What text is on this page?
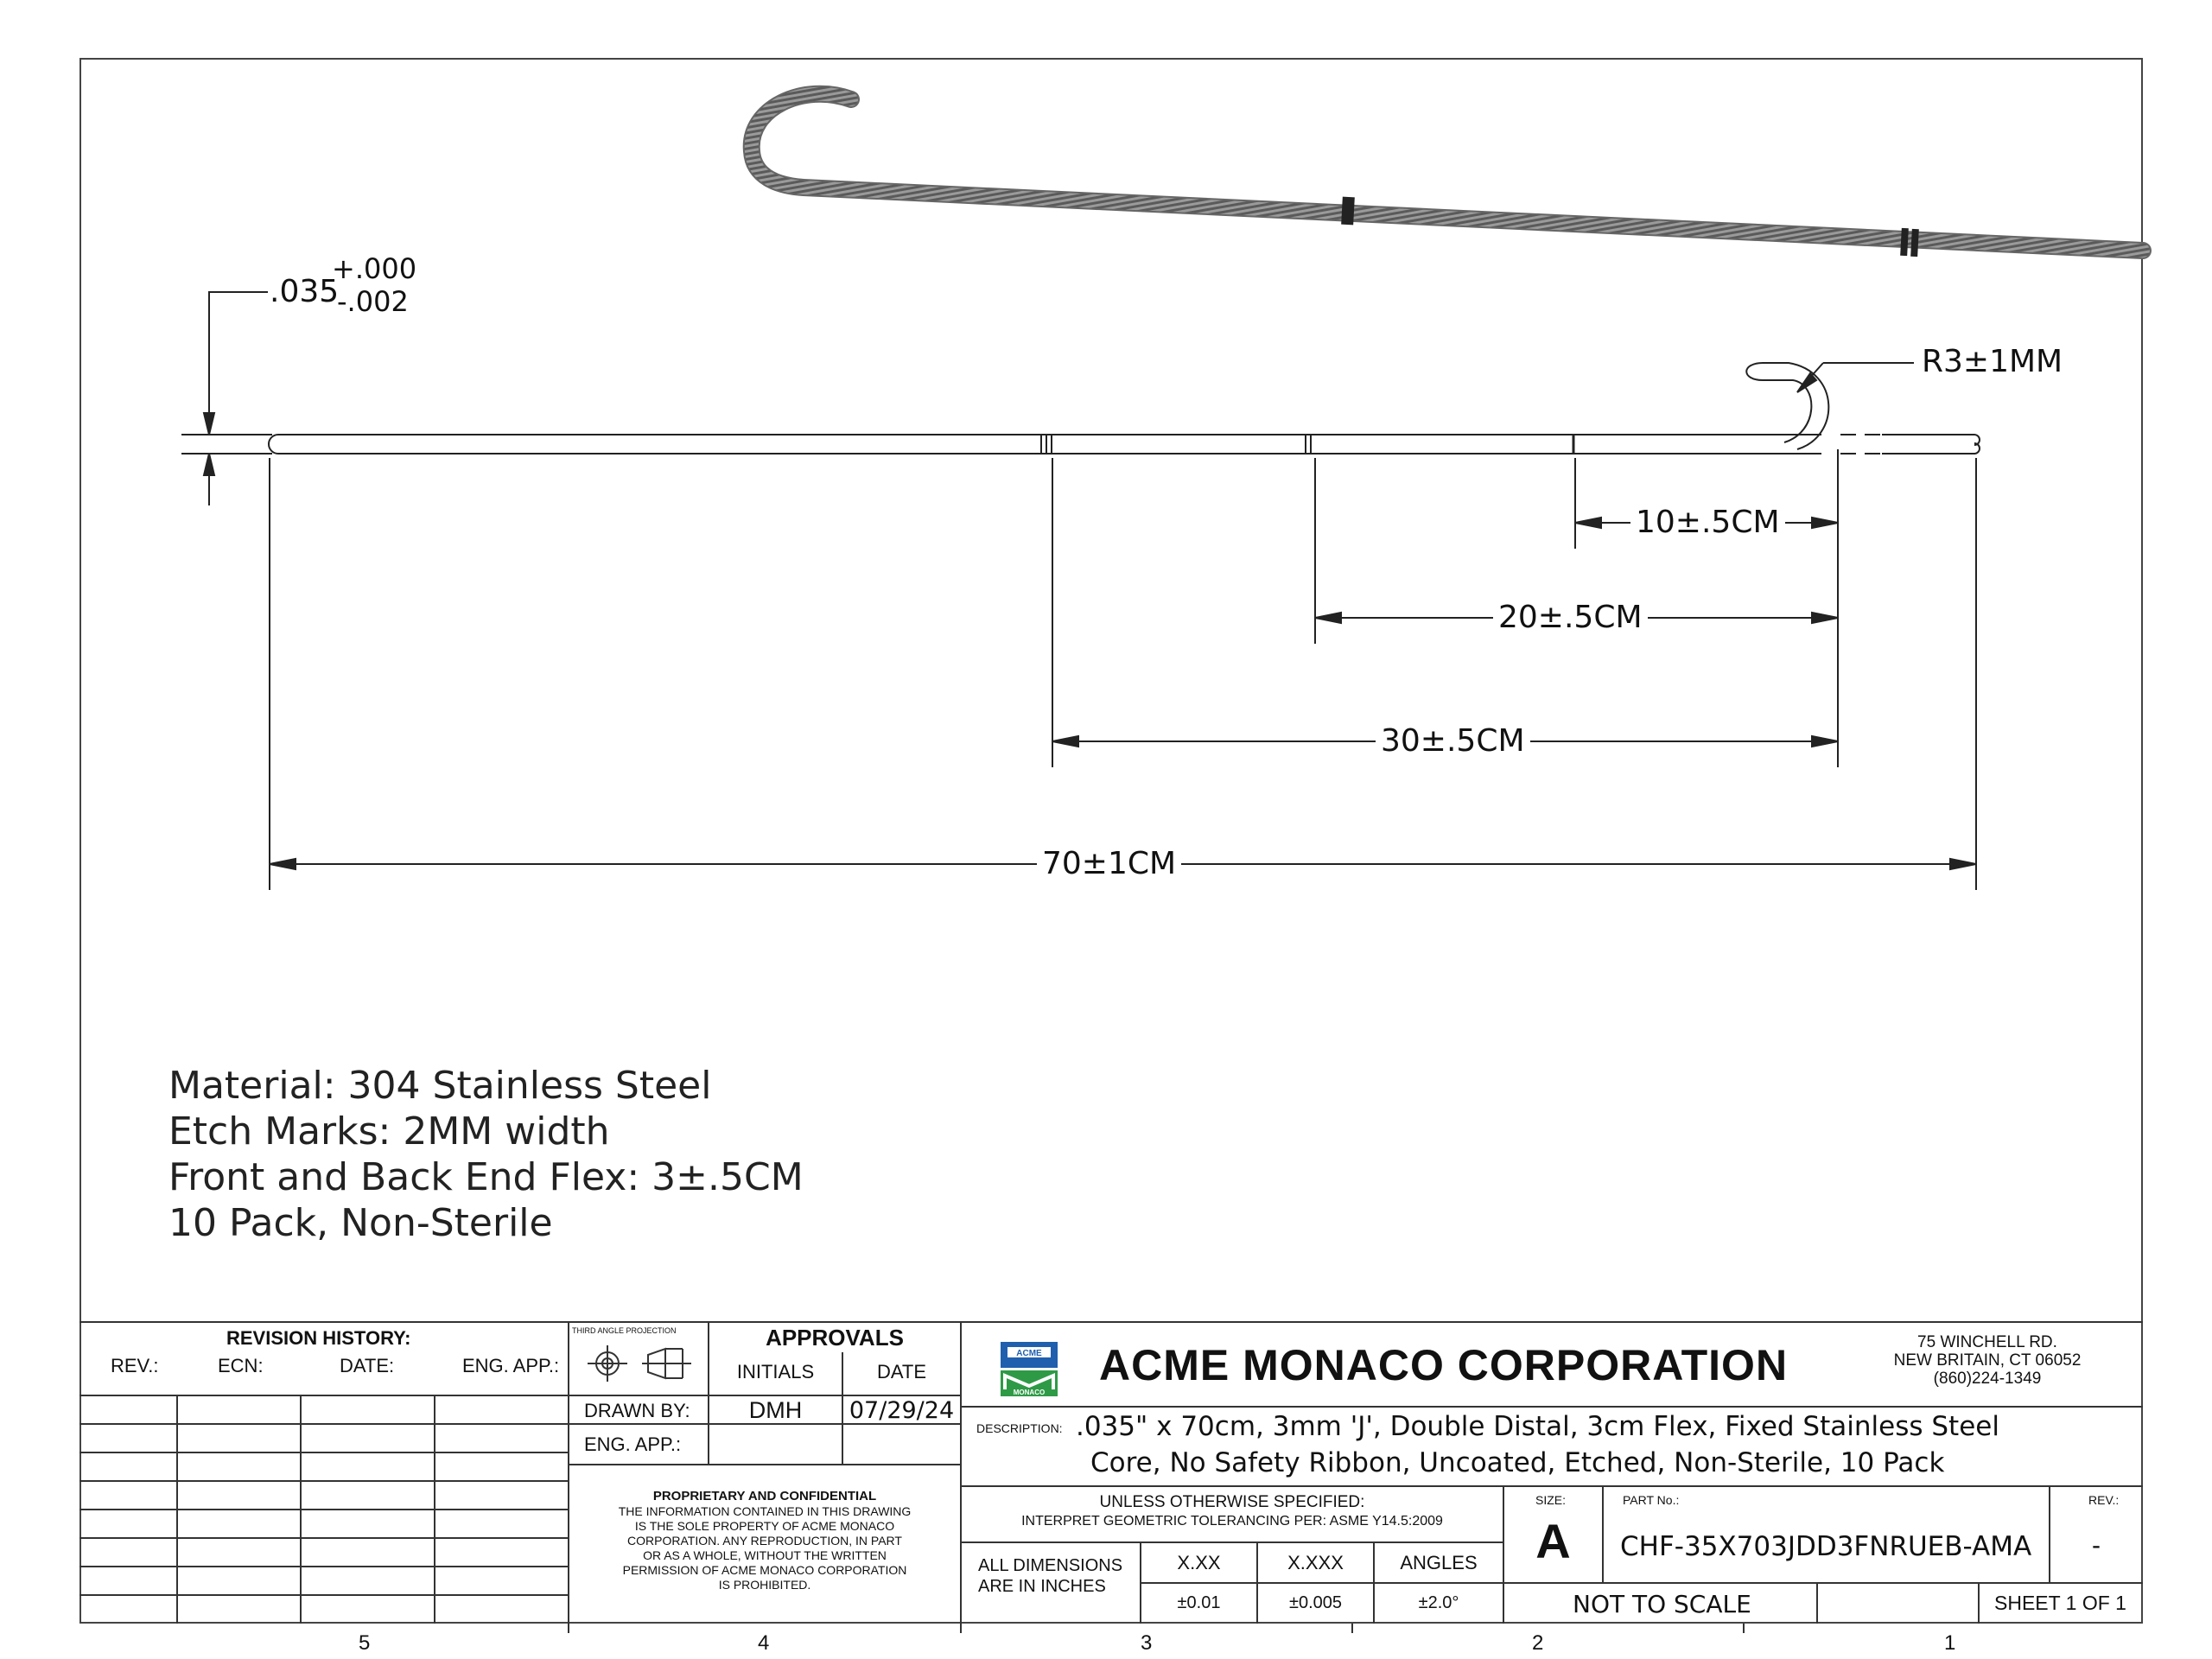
ACME
MONACO
.035
+.000
-.002
R3±1MM
10±.5CM
20±.5CM
30±.5CM
70±1CM
Material: 304 Stainless Steel
Etch Marks: 2MM width
Front and Back End Flex: 3±.5CM
10 Pack, Non-Sterile
REVISION HISTORY:
REV.:	ECN:	DATE:	ENG. APP.:
THIRD ANGLE PROJECTION	APPROVALS
INITIALS	DATE
DRAWN BY:	DMH	07/29/24
ENG. APP.:
PROPRIETARY AND CONFIDENTIAL
THE INFORMATION CONTAINED IN THIS DRAWING
IS THE SOLE PROPERTY OF ACME MONACO
CORPORATION. ANY REPRODUCTION, IN PART
OR AS A WHOLE, WITHOUT THE WRITTEN
PERMISSION OF ACME MONACO CORPORATION
IS PROHIBITED.
ACME MONACO CORPORATION	75 WINCHELL RD.
NEW BRITAIN, CT 06052
(860)224-1349
DESCRIPTION: .035" x 70cm, 3mm 'J', Double Distal, 3cm Flex, Fixed Stainless Steel
Core, No Safety Ribbon, Uncoated, Etched, Non-Sterile, 10 Pack
UNLESS OTHERWISE SPECIFIED:
INTERPRET GEOMETRIC TOLERANCING PER: ASME Y14.5:2009
ALL DIMENSIONS
ARE IN INCHES
X.XX	X.XXX	ANGLES
±0.01	±0.005	±2.0°
SIZE:
A
PART No.:
CHF-35X703JDD3FNRUEB-AMA
REV.:
-
NOT TO SCALE	SHEET 1 OF 1
5	4	3	2	1
